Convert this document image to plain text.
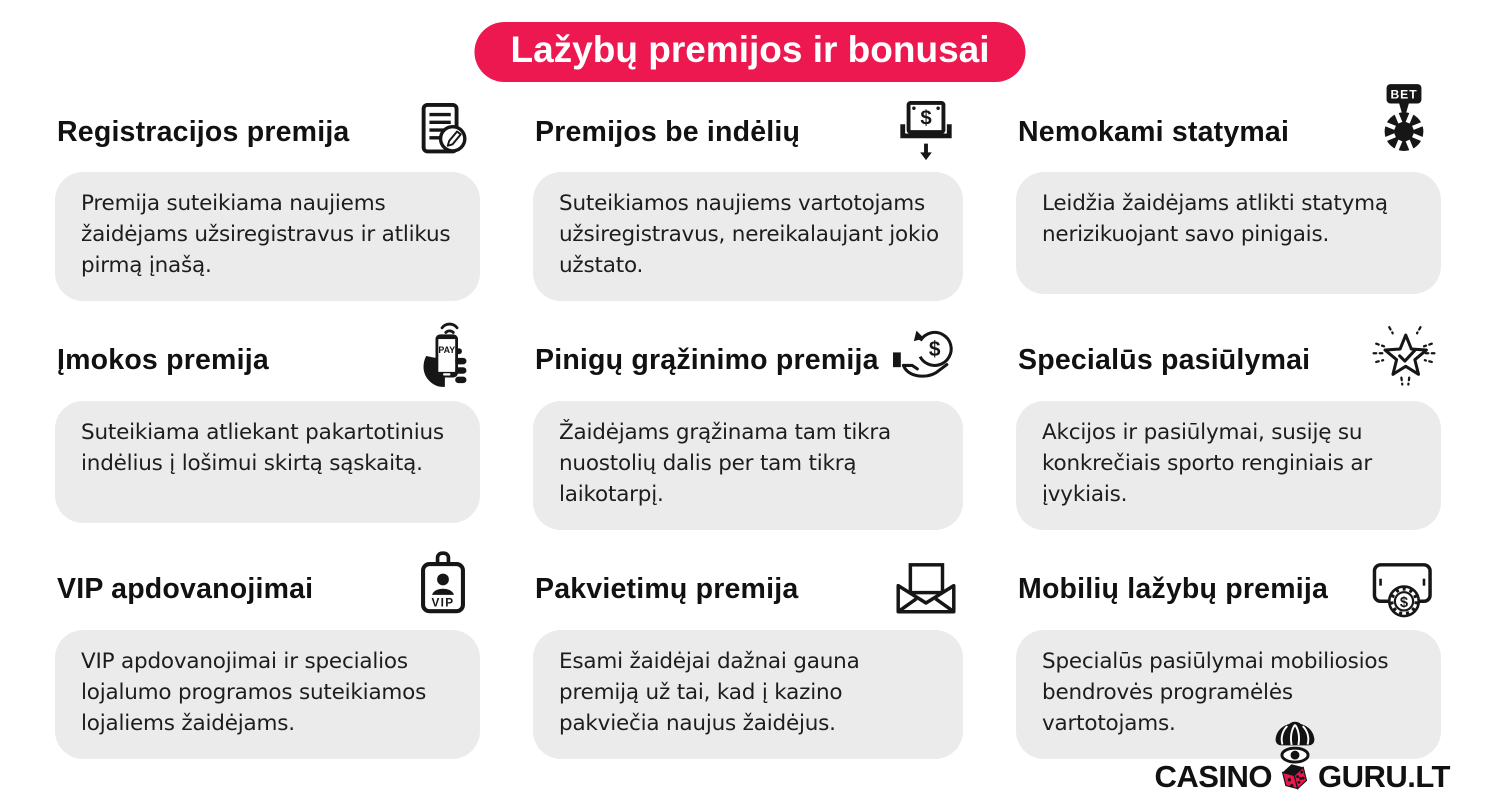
Lažybų premijos ir bonusai
Registracijos premija
Premija suteikiama naujiems žaidėjams užsiregistravus ir atlikus pirmą įnašą.
Premijos be indėlių	$
Suteikiamos naujiems vartotojams užsiregistravus, nereikalaujant jokio užstato.
Nemokami statymai
BET
Leidžia žaidėjams atlikti statymą nerizikuojant savo pinigais.
Įmokos premija	PAY
Suteikiama atliekant pakartotinius indėlius į lošimui skirtą sąskaitą.
Pinigų grąžinimo premija $
Žaidėjams grąžinama tam tikra nuostolių dalis per tam tikrą laikotarpį.
Specialūs pasiūlymai
Akcijos ir pasiūlymai, susiję su konkrečiais sporto renginiais ar įvykiais.
VIP apdovanojimai	VIP
VIP apdovanojimai ir specialios lojalumo programos suteikiamos lojaliems žaidėjams.
Pakvietimų premija
Esami žaidėjai dažnai gauna premiją už tai, kad į kazino pakviečia naujus žaidėjus.
Mobilių lažybų premija	$
Specialūs pasiūlymai mobiliosios bendrovės programėlės vartotojams.
CASINO GURU.LT
